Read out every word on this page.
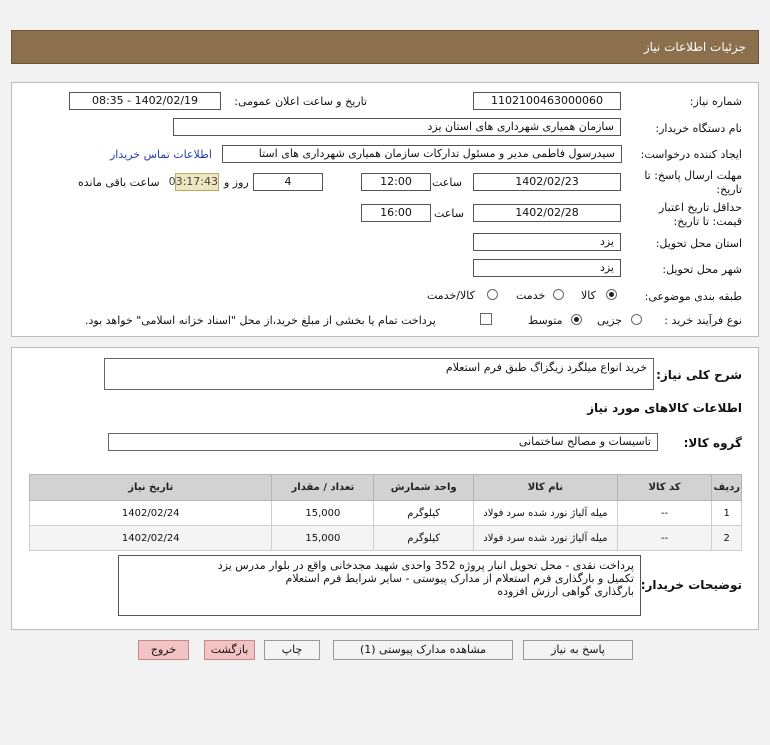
جزئیات اطلاعات نیاز
شماره نیاز:
1102100463000060
تاریخ و ساعت اعلان عمومی:
1402/02/19 - 08:35
نام دستگاه خریدار:
سازمان همیاری شهرداری های استان یزد
ایجاد کننده درخواست:
سیدرسول فاطمی مدیر و مسئول تدارکات سازمان همیاری شهرداری های استا
اطلاعات تماس خریدار
مهلت ارسال پاسخ: تا
تاریخ:
1402/02/23
ساعت
12:00
4
روز و
03:17:43
ساعت باقی مانده
حداقل تاریخ اعتبار
قیمت: تا تاریخ:
1402/02/28
ساعت
16:00
استان محل تحویل:
یزد
شهر محل تحویل:
یزد
طبقه بندی موضوعی:
کالا
خدمت
کالا/خدمت
نوع فرآیند خرید :
جزیی
متوسط
پرداخت تمام یا بخشی از مبلغ خرید،از محل "اسناد خزانه اسلامی" خواهد بود.
شرح کلی نیاز:
خرید انواع میلگرد زیگزاگ طبق فرم استعلام
اطلاعات کالاهای مورد نیاز
گروه کالا:
تاسیسات و مصالح ساختمانی
ردیف	کد کالا	نام کالا	واحد شمارش	تعداد / مقدار	تاریخ نیاز
1	--	میله آلیاژ نورد شده سرد فولاد	کیلوگرم	15,000	1402/02/24
2	--	میله آلیاژ نورد شده سرد فولاد	کیلوگرم	15,000	1402/02/24
توضیحات خریدار:
پرداخت نقدی - محل تحویل انبار پروژه 352 واحدی شهید مجدخانی واقع در بلوار مدرس یزد
تکمیل و بارگذاری فرم استعلام از مدارک پیوستی - سایر شرایط فرم استعلام
بارگذاری گواهی ارزش افزوده
پاسخ به نیاز
مشاهده مدارک پیوستی (1)
چاپ
بازگشت
خروج
